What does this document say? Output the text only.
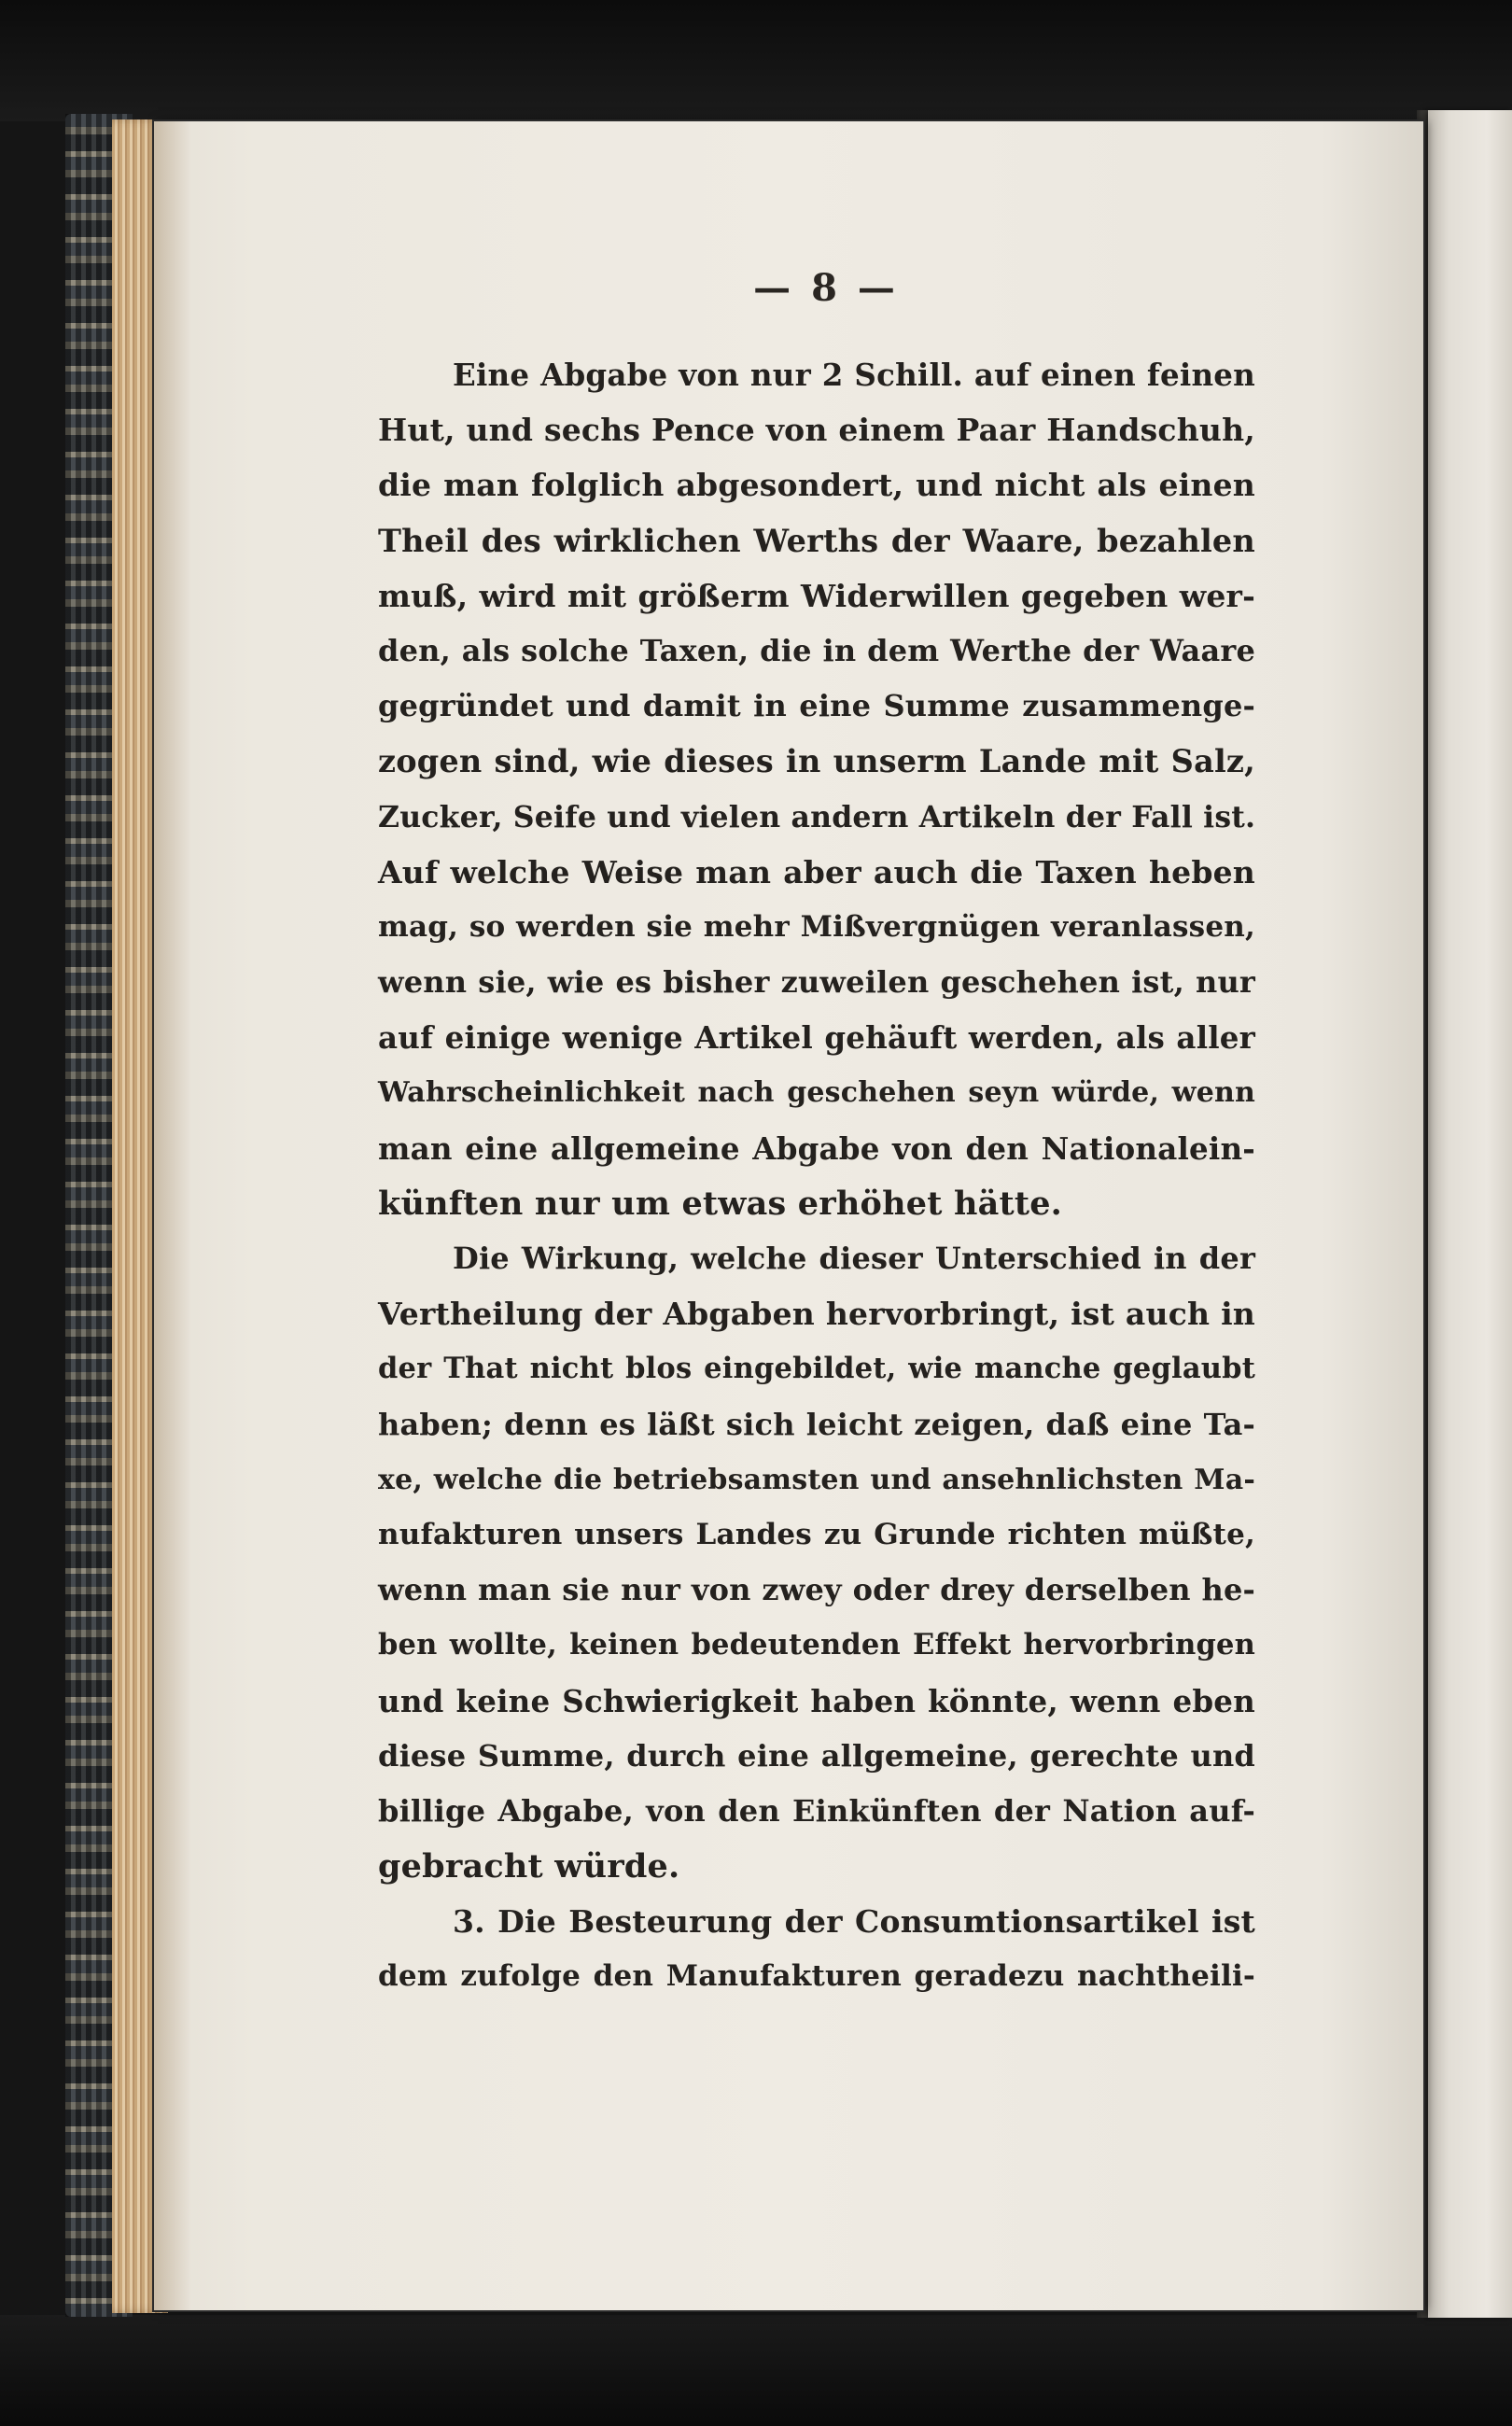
— 8 —
Eine Abgabe von nur 2 Schill. auf einen feinen
Hut, und sechs Pence von einem Paar Handschuh,
die man folglich abgesondert, und nicht als einen
Theil des wirklichen Werths der Waare, bezahlen
muß, wird mit größerm Widerwillen gegeben wer-
den, als solche Taxen, die in dem Werthe der Waare
gegründet und damit in eine Summe zusammenge-
zogen sind, wie dieses in unserm Lande mit Salz,
Zucker, Seife und vielen andern Artikeln der Fall ist.
Auf welche Weise man aber auch die Taxen heben
mag, so werden sie mehr Mißvergnügen veranlassen,
wenn sie, wie es bisher zuweilen geschehen ist, nur
auf einige wenige Artikel gehäuft werden, als aller
Wahrscheinlichkeit nach geschehen seyn würde, wenn
man eine allgemeine Abgabe von den Nationalein-
künften nur um etwas erhöhet hätte.
Die Wirkung, welche dieser Unterschied in der
Vertheilung der Abgaben hervorbringt, ist auch in
der That nicht blos eingebildet, wie manche geglaubt
haben; denn es läßt sich leicht zeigen, daß eine Ta-
xe, welche die betriebsamsten und ansehnlichsten Ma-
nufakturen unsers Landes zu Grunde richten müßte,
wenn man sie nur von zwey oder drey derselben he-
ben wollte, keinen bedeutenden Effekt hervorbringen
und keine Schwierigkeit haben könnte, wenn eben
diese Summe, durch eine allgemeine, gerechte und
billige Abgabe, von den Einkünften der Nation auf-
gebracht würde.
3. Die Besteurung der Consumtionsartikel ist
dem zufolge den Manufakturen geradezu nachtheili-
